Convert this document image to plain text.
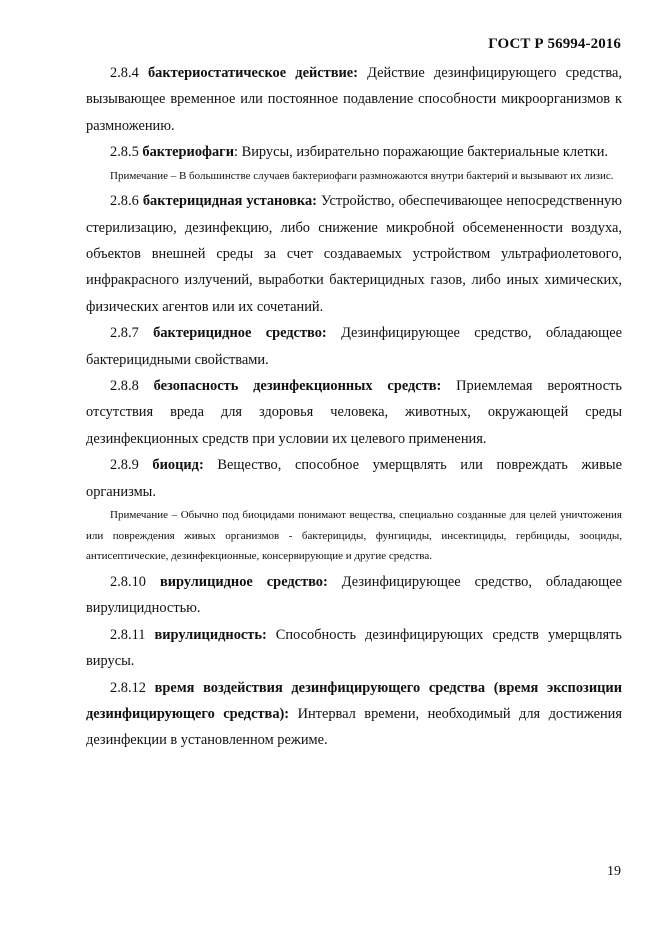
ГОСТ Р 56994-2016

2.8.4 бактериостатическое действие: Действие дезинфицирующего средства, вызывающее временное или постоянное подавление способности микроорганизмов к размножению.

2.8.5 бактериофаги: Вирусы, избирательно поражающие бактериальные клетки.

Примечание – В большинстве случаев бактериофаги размножаются внутри бактерий и вызывают их лизис.

2.8.6 бактерицидная установка: Устройство, обеспечивающее непосредственную стерилизацию, дезинфекцию, либо снижение микробной обсемененности воздуха, объектов внешней среды за счет создаваемых устройством ультрафиолетового, инфракрасного излучений, выработки бактерицидных газов, либо иных химических, физических агентов или их сочетаний.

2.8.7 бактерицидное средство: Дезинфицирующее средство, обладающее бактерицидными свойствами.

2.8.8 безопасность дезинфекционных средств: Приемлемая вероятность отсутствия вреда для здоровья человека, животных, окружающей среды дезинфекционных средств при условии их целевого применения.

2.8.9 биоцид: Вещество, способное умерщвлять или повреждать живые организмы.

Примечание – Обычно под биоцидами понимают вещества, специально созданные для целей уничтожения или повреждения живых организмов - бактерициды, фунгициды, инсектициды, гербициды, зооциды, антисептические, дезинфекционные, консервирующие и другие средства.

2.8.10 вирулицидное средство: Дезинфицирующее средство, обладающее вирулицидностью.

2.8.11 вирулицидность: Способность дезинфицирующих средств умерщвлять вирусы.

2.8.12 время воздействия дезинфицирующего средства (время экспозиции дезинфицирующего средства): Интервал времени, необходимый для достижения дезинфекции в установленном режиме.

19
